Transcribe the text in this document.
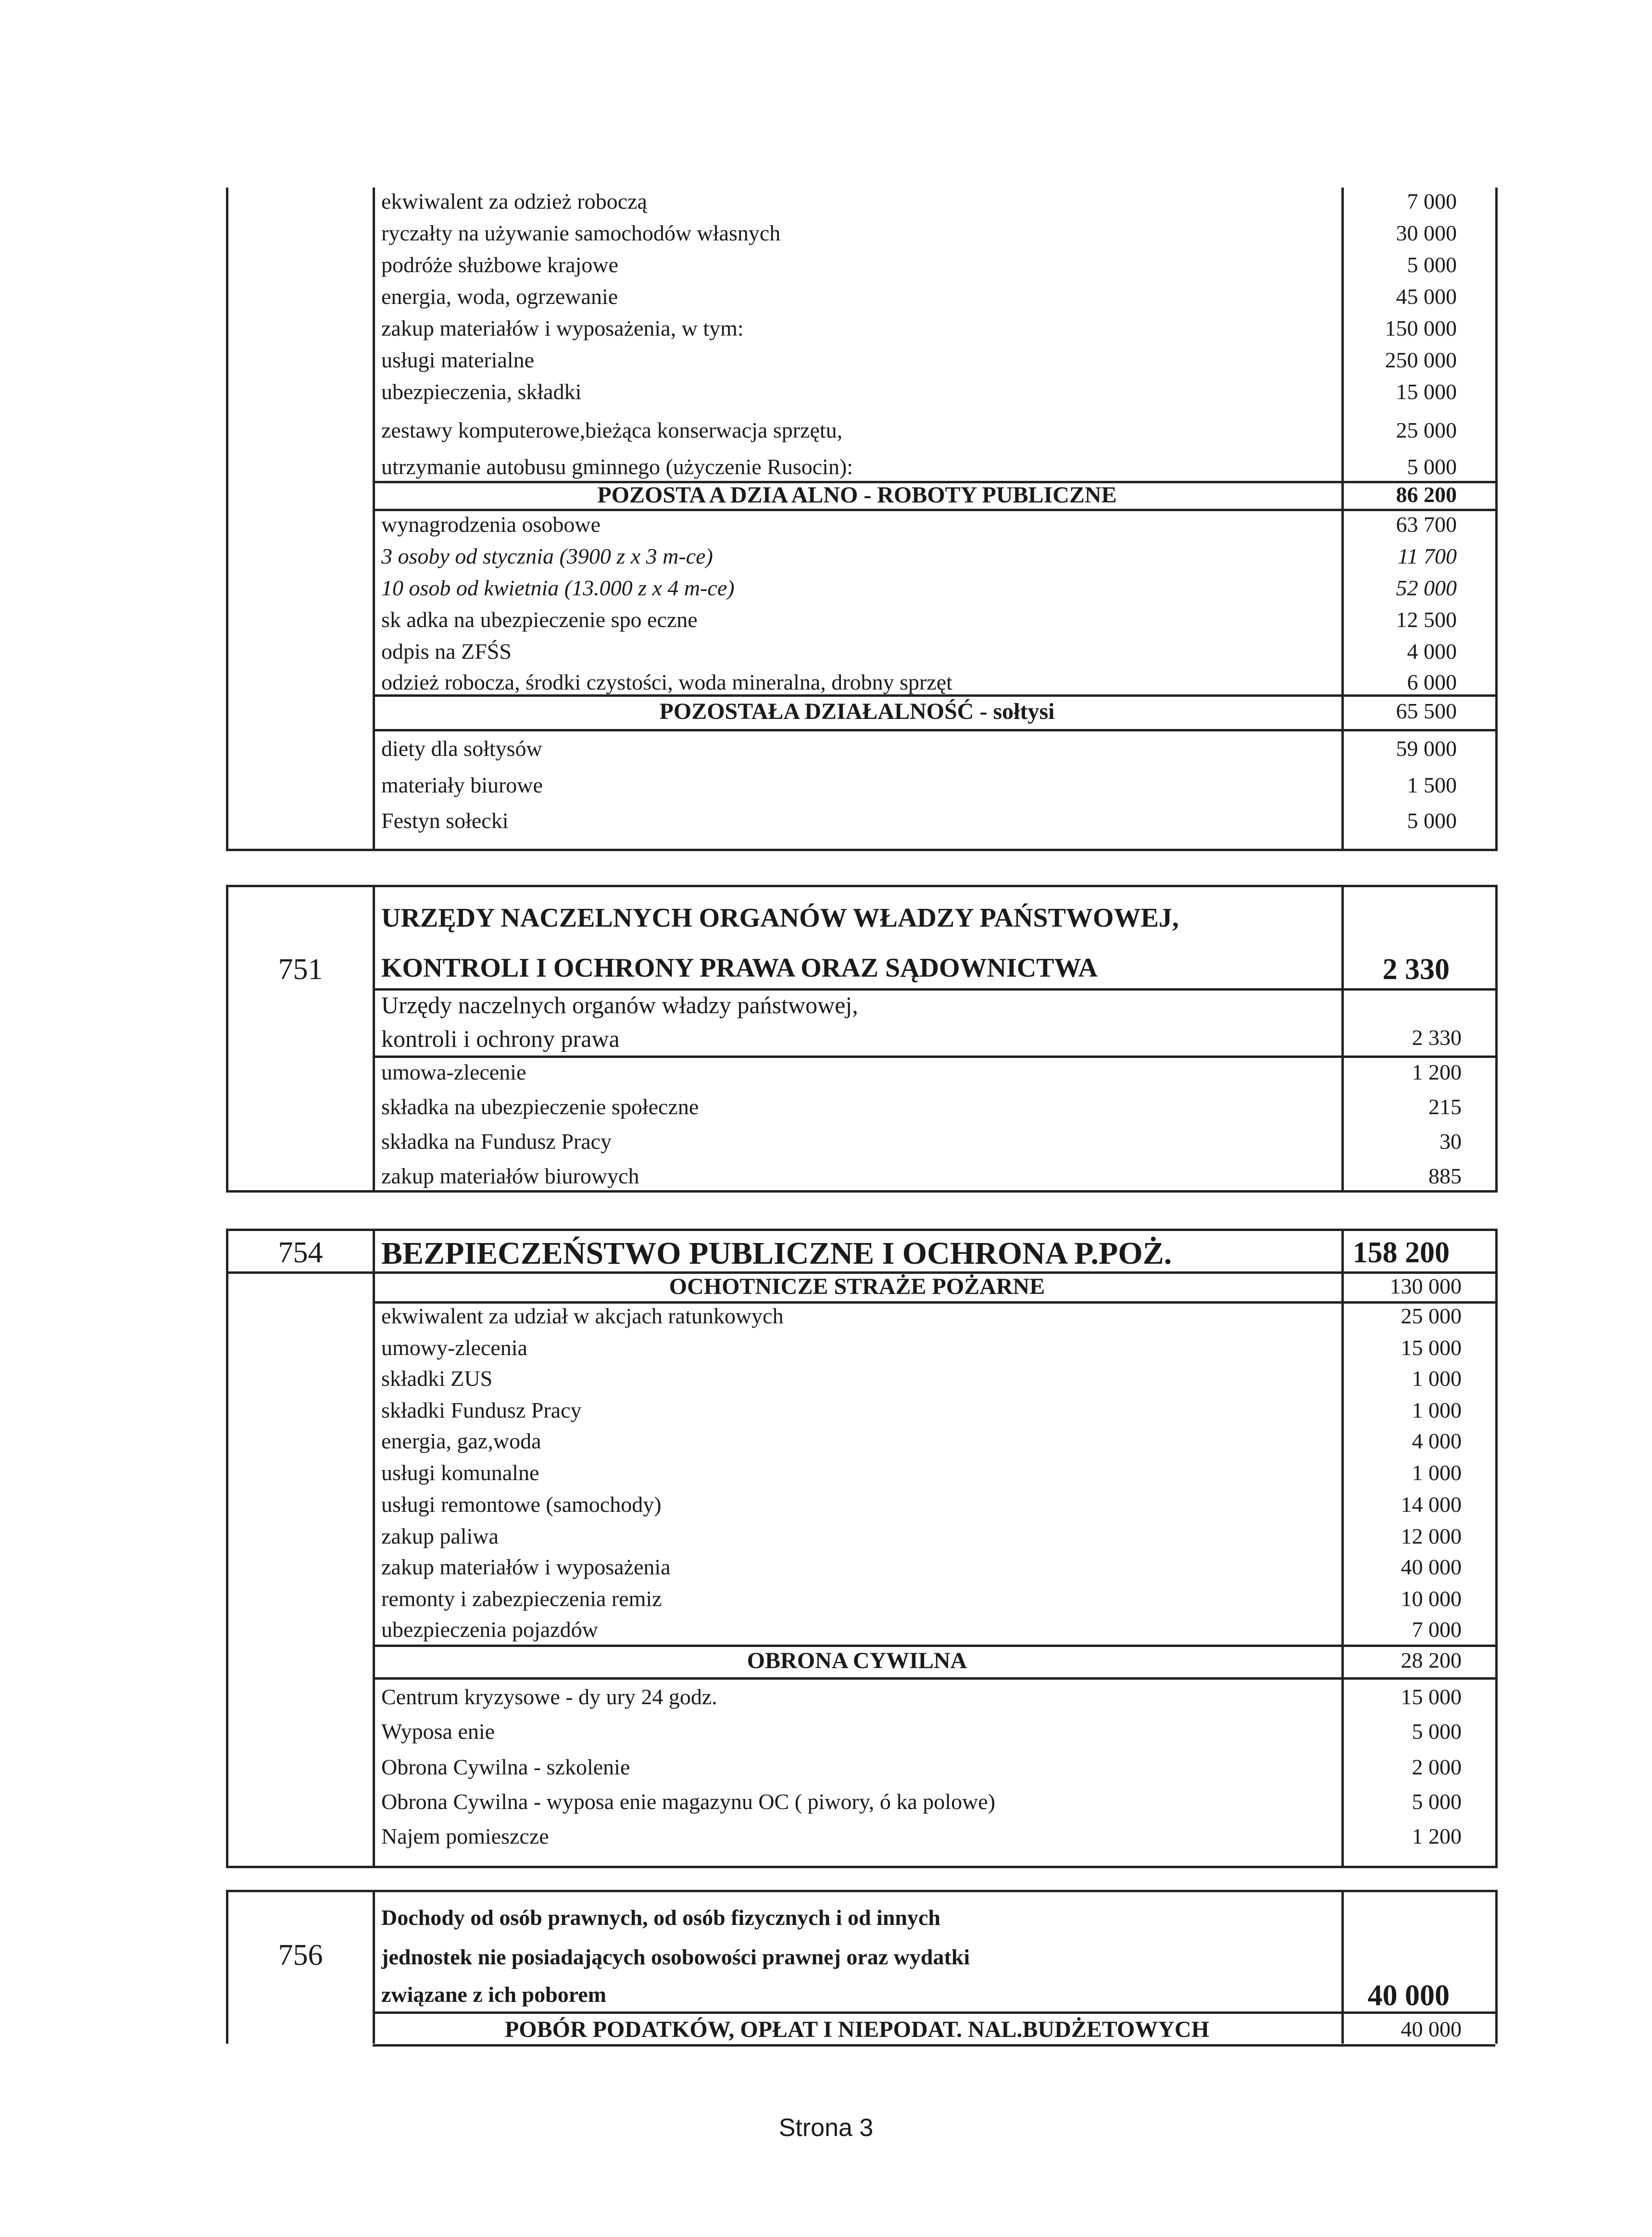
ekwiwalent za odzież roboczą	7 000
ryczałty na używanie samochodów własnych	30 000
podróże służbowe krajowe	5 000
energia, woda, ogrzewanie	45 000
zakup materiałów i wyposażenia, w tym:	150 000
usługi materialne	250 000
ubezpieczenia, składki	15 000
zestawy komputerowe,bieżąca konserwacja sprzętu,	25 000
utrzymanie autobusu gminnego (użyczenie Rusocin):	5 000
POZOSTA A DZIA ALNO - ROBOTY PUBLICZNE	86 200
wynagrodzenia osobowe	63 700
3 osoby od stycznia (3900 z x 3 m-ce)	11 700
10 osob od kwietnia (13.000 z x 4 m-ce)	52 000
sk adka na ubezpieczenie spo eczne	12 500
odpis na ZFŚS	4 000
odzież robocza, środki czystości, woda mineralna, drobny sprzęt	6 000
POZOSTAŁA DZIAŁALNOŚĆ - sołtysi	65 500
diety dla sołtysów	59 000
materiały biurowe	1 500
Festyn sołecki	5 000
URZĘDY NACZELNYCH ORGANÓW WŁADZY PAŃSTWOWEJ,
751	KONTROLI I OCHRONY PRAWA ORAZ SĄDOWNICTWA	2 330
Urzędy naczelnych organów władzy państwowej,
kontroli i ochrony prawa	2 330
umowa-zlecenie	1 200
składka na ubezpieczenie społeczne	215
składka na Fundusz Pracy	30
zakup materiałów biurowych	885
754	BEZPIECZEŃSTWO PUBLICZNE I OCHRONA P.POŻ.	158 200
OCHOTNICZE STRAŻE POŻARNE	130 000
ekwiwalent za udział w akcjach ratunkowych	25 000
umowy-zlecenia	15 000
składki ZUS	1 000
składki Fundusz Pracy	1 000
energia, gaz,woda	4 000
usługi komunalne	1 000
usługi remontowe (samochody)	14 000
zakup paliwa	12 000
zakup materiałów i wyposażenia	40 000
remonty i zabezpieczenia remiz	10 000
ubezpieczenia pojazdów	7 000
OBRONA CYWILNA	28 200
Centrum kryzysowe - dy ury 24 godz.	15 000
Wyposa enie	5 000
Obrona Cywilna - szkolenie	2 000
Obrona Cywilna - wyposa enie magazynu OC ( piwory, ó ka polowe)	5 000
Najem pomieszcze	1 200
Dochody od osób prawnych, od osób fizycznych i od innych
756	jednostek nie posiadających osobowości prawnej oraz wydatki
związane z ich poborem	40 000
POBÓR PODATKÓW, OPŁAT I NIEPODAT. NAL.BUDŻETOWYCH	40 000
Strona 3
